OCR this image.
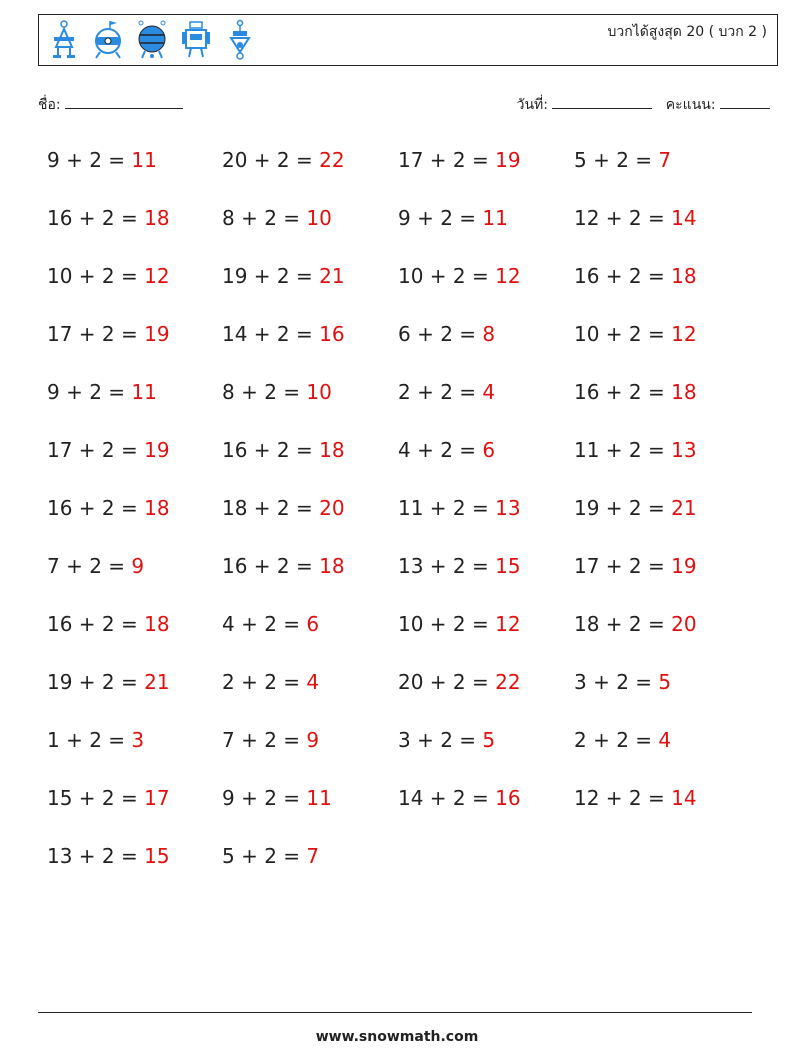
บวกได้สูงสุด 20 ( บวก 2 )
ชื่อ:	วันที่:	คะแนน:
9 + 2 = 11	20 + 2 = 22	17 + 2 = 19	5 + 2 = 7
16 + 2 = 18	8 + 2 = 10	9 + 2 = 11	12 + 2 = 14
10 + 2 = 12	19 + 2 = 21	10 + 2 = 12	16 + 2 = 18
17 + 2 = 19	14 + 2 = 16	6 + 2 = 8	10 + 2 = 12
9 + 2 = 11	8 + 2 = 10	2 + 2 = 4	16 + 2 = 18
17 + 2 = 19	16 + 2 = 18	4 + 2 = 6	11 + 2 = 13
16 + 2 = 18	18 + 2 = 20	11 + 2 = 13	19 + 2 = 21
7 + 2 = 9	16 + 2 = 18	13 + 2 = 15	17 + 2 = 19
16 + 2 = 18	4 + 2 = 6	10 + 2 = 12	18 + 2 = 20
19 + 2 = 21	2 + 2 = 4	20 + 2 = 22	3 + 2 = 5
1 + 2 = 3	7 + 2 = 9	3 + 2 = 5	2 + 2 = 4
15 + 2 = 17	9 + 2 = 11	14 + 2 = 16	12 + 2 = 14
13 + 2 = 15	5 + 2 = 7
www.snowmath.com
